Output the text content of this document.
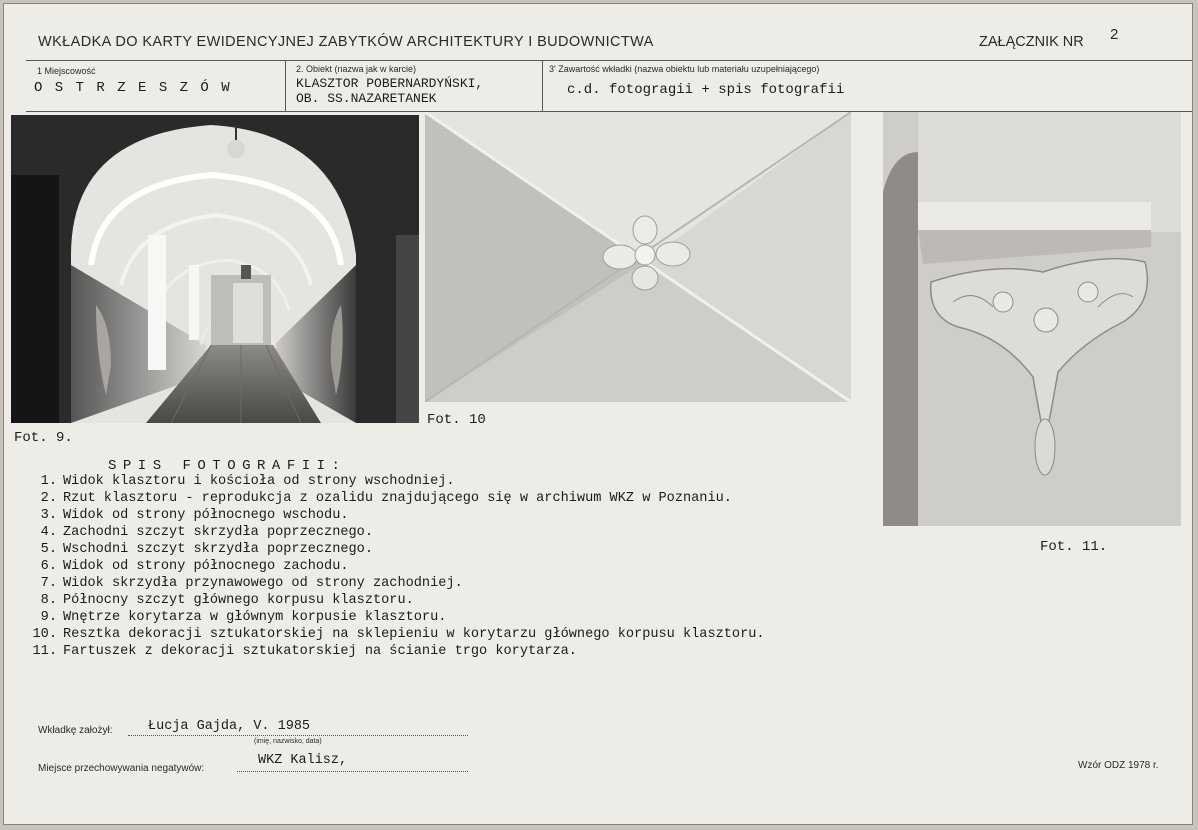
WKŁADKA DO KARTY EWIDENCYJNEJ ZABYTKÓW ARCHITEKTURY I BUDOWNICTWA	ZAŁĄCZNIK NR 2
1 Miejscowość
O S T R Z E S Z Ó W
2. Obiekt (nazwa jak w karcie)
KLASZTOR POBERNARDYŃSKI,
OB. SS.NAZARETANEK
3' Zawartość wkładki (nazwa obiektu lub materiału uzupełniającego)
c.d. fotogragii + spis fotografii
Fot. 9.
Fot. 10
Fot. 11.
SPIS FOTOGRAFII:
1. Widok klasztoru i kościoła od strony wschodniej.
2. Rzut klasztoru - reprodukcja z ozalidu znajdującego się w archiwum WKZ w Poznaniu.
3. Widok od strony północnego wschodu.
4. Zachodni szczyt skrzydła poprzecznego.
5. Wschodni szczyt skrzydła poprzecznego.
6. Widok od strony północnego zachodu.
7. Widok skrzydła przynawowego od strony zachodniej.
8. Północny szczyt głównego korpusu klasztoru.
9. Wnętrze korytarza w głównym korpusie klasztoru.
10. Resztka dekoracji sztukatorskiej na sklepieniu w korytarzu głównego korpusu klasztoru.
11. Fartuszek z dekoracji sztukatorskiej na ścianie trgo korytarza.
Wkładkę założył:	Łucja Gajda, V. 1985
(imię, nazwisko, data)
Miejsce przechowywania negatywów:
WKZ Kalisz,	Wzór ODZ 1978 r.
